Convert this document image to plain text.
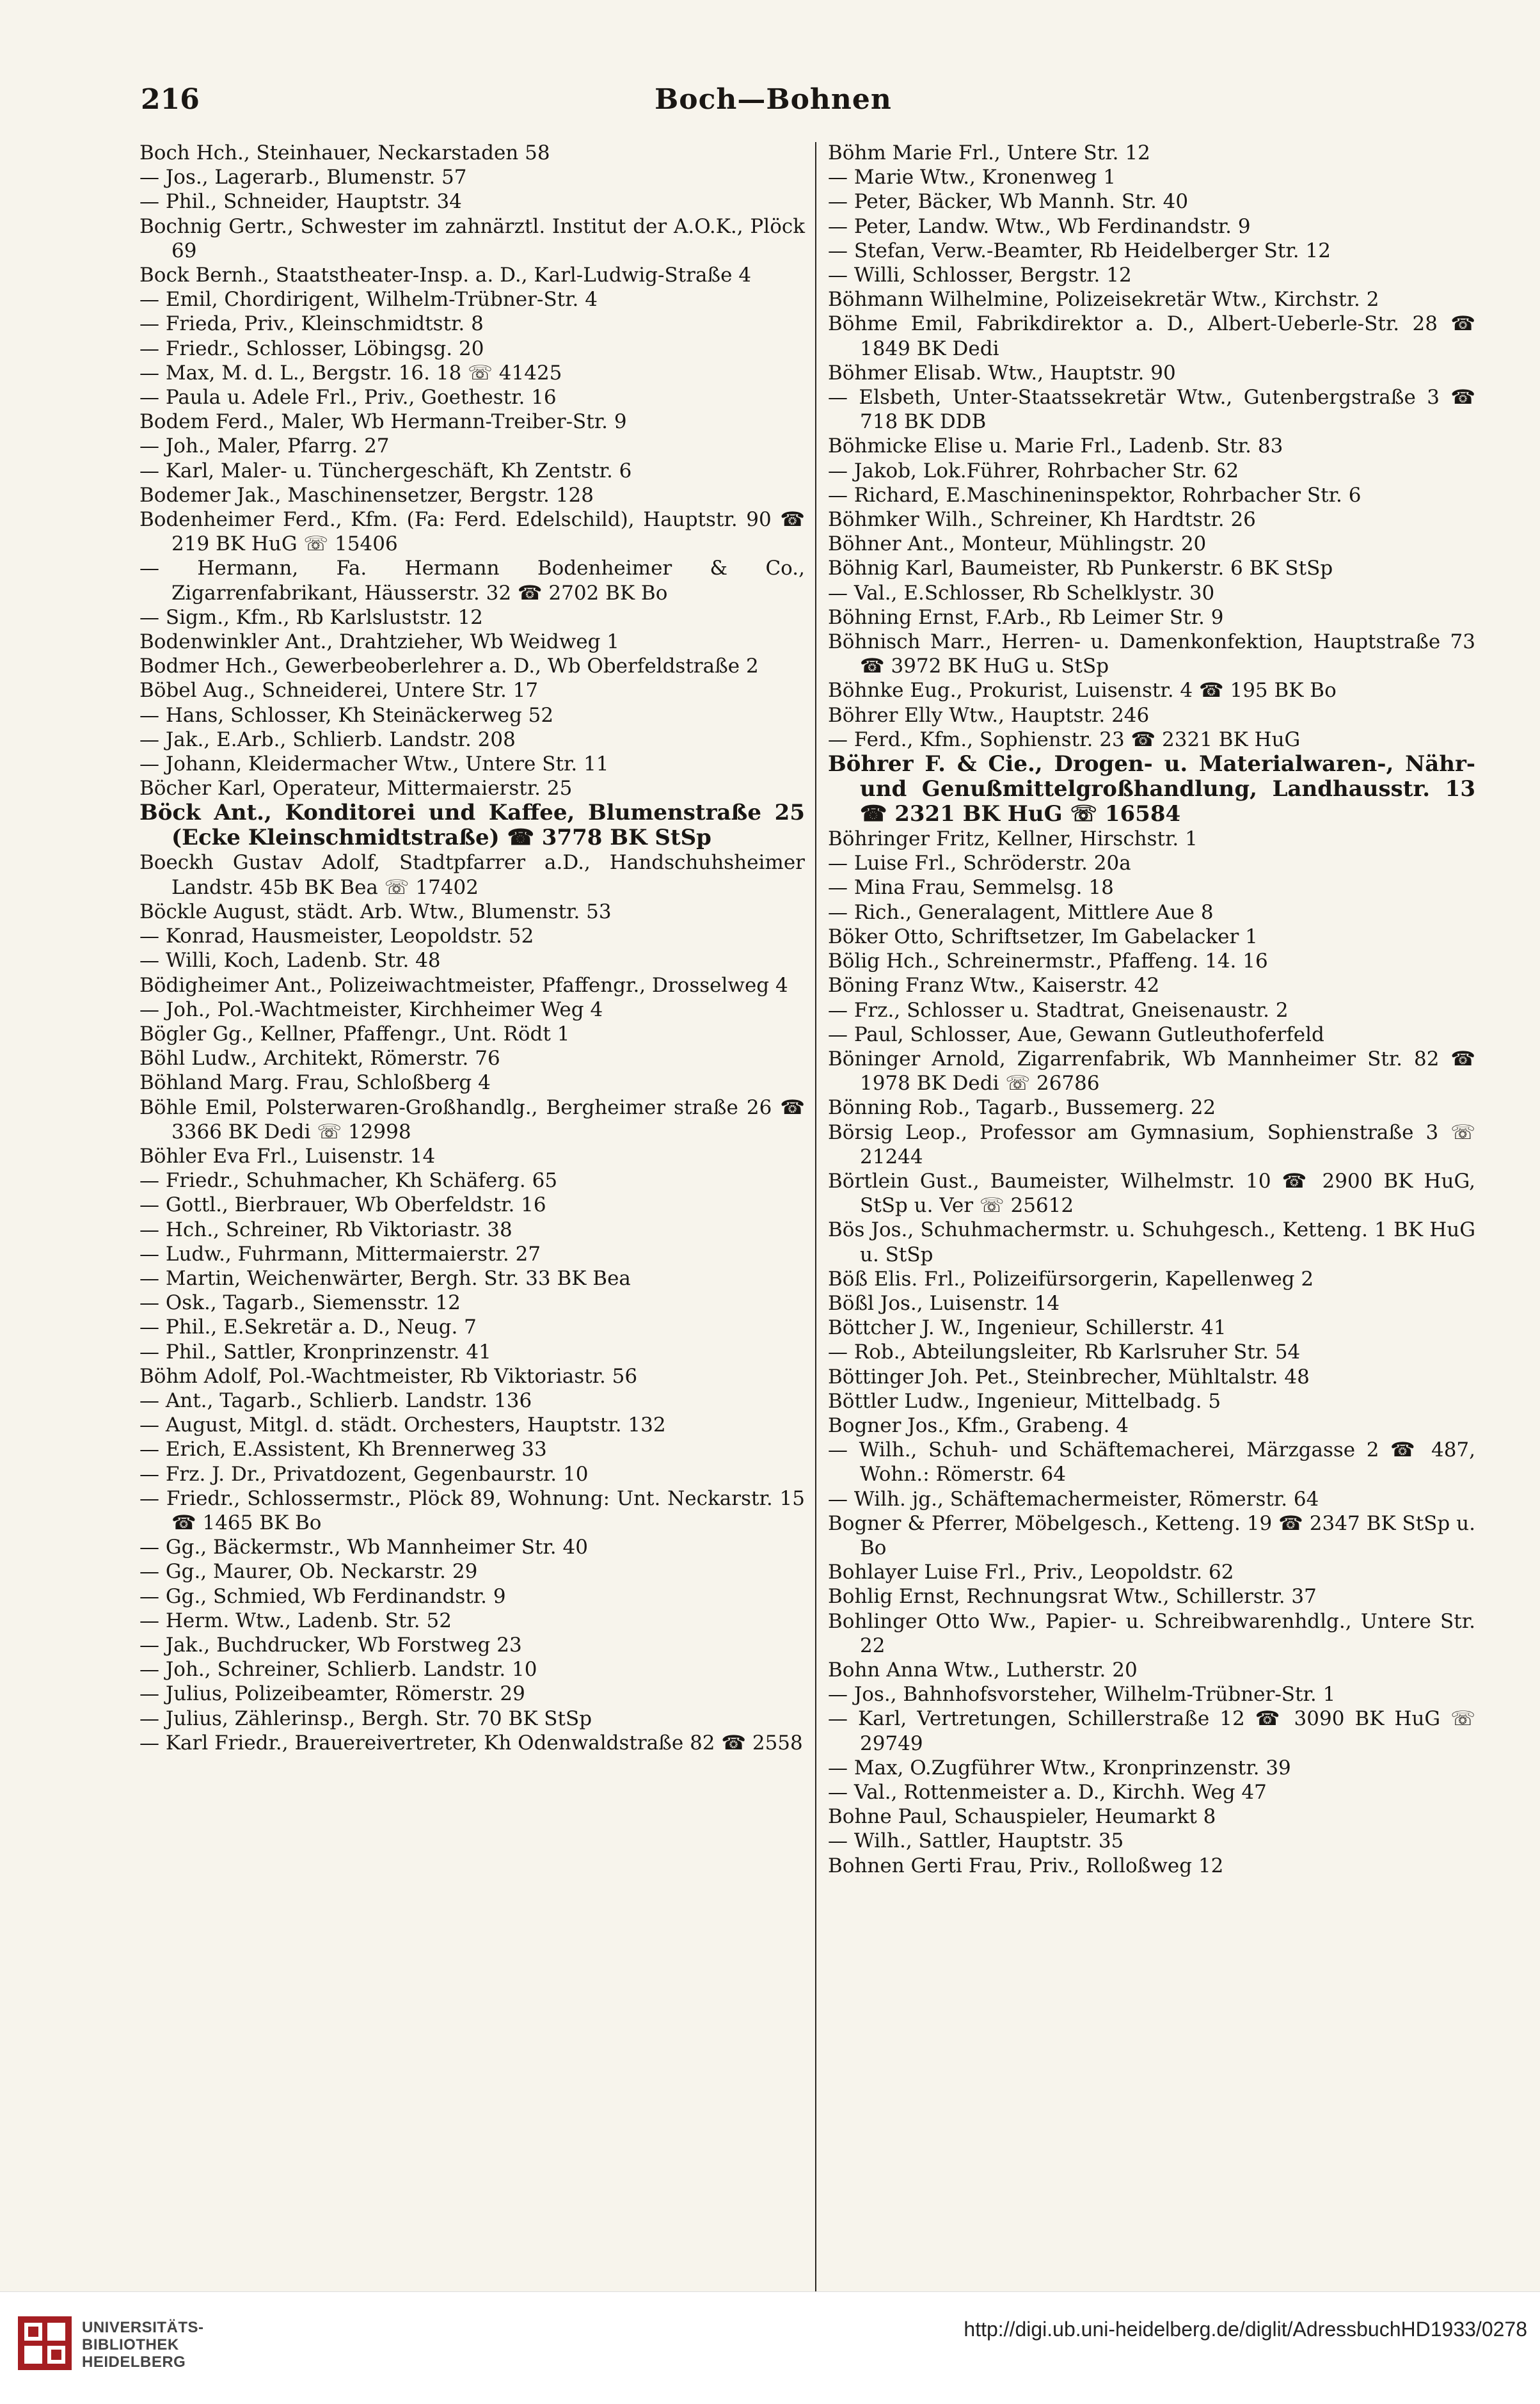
216	Boch—Bohnen
Boch Hch., Steinhauer, Neckarstaden 58
— Jos., Lagerarb., Blumenstr. 57
— Phil., Schneider, Hauptstr. 34
Bochnig Gertr., Schwester im zahnärztl. Institut der A.O.K., Plöck 69
Bock Bernh., Staatstheater-Insp. a. D., Karl-Ludwig-Straße 4
— Emil, Chordirigent, Wilhelm-Trübner-Str. 4
— Frieda, Priv., Kleinschmidtstr. 8
— Friedr., Schlosser, Löbingsg. 20
— Max, M. d. L., Bergstr. 16. 18 ☏ 41425
— Paula u. Adele Frl., Priv., Goethestr. 16
Bodem Ferd., Maler, Wb Hermann-Treiber-Str. 9
— Joh., Maler, Pfarrg. 27
— Karl, Maler- u. Tünchergeschäft, Kh Zentstr. 6
Bodemer Jak., Maschinensetzer, Bergstr. 128
Bodenheimer Ferd., Kfm. (Fa: Ferd. Edelschild), Hauptstr. 90 ☎ 219 BK HuG ☏ 15406
— Hermann, Fa. Hermann Bodenheimer & Co., Zigarrenfabrikant, Häusserstr. 32 ☎ 2702 BK Bo
— Sigm., Kfm., Rb Karlsluststr. 12
Bodenwinkler Ant., Drahtzieher, Wb Weidweg 1
Bodmer Hch., Gewerbeoberlehrer a. D., Wb Oberfeldstraße 2
Böbel Aug., Schneiderei, Untere Str. 17
— Hans, Schlosser, Kh Steinäckerweg 52
— Jak., E.Arb., Schlierb. Landstr. 208
— Johann, Kleidermacher Wtw., Untere Str. 11
Böcher Karl, Operateur, Mittermaierstr. 25
Böck Ant., Konditorei und Kaffee, Blumenstraße 25 (Ecke Kleinschmidtstraße) ☎ 3778 BK StSp
Boeckh Gustav Adolf, Stadtpfarrer a.D., Handschuhsheimer Landstr. 45b BK Bea ☏ 17402
Böckle August, städt. Arb. Wtw., Blumenstr. 53
— Konrad, Hausmeister, Leopoldstr. 52
— Willi, Koch, Ladenb. Str. 48
Bödigheimer Ant., Polizeiwachtmeister, Pfaffengr., Drosselweg 4
— Joh., Pol.-Wachtmeister, Kirchheimer Weg 4
Bögler Gg., Kellner, Pfaffengr., Unt. Rödt 1
Böhl Ludw., Architekt, Römerstr. 76
Böhland Marg. Frau, Schloßberg 4
Böhle Emil, Polsterwaren-Großhandlg., Bergheimer straße 26 ☎ 3366 BK Dedi ☏ 12998
Böhler Eva Frl., Luisenstr. 14
— Friedr., Schuhmacher, Kh Schäferg. 65
— Gottl., Bierbrauer, Wb Oberfeldstr. 16
— Hch., Schreiner, Rb Viktoriastr. 38
— Ludw., Fuhrmann, Mittermaierstr. 27
— Martin, Weichenwärter, Bergh. Str. 33 BK Bea
— Osk., Tagarb., Siemensstr. 12
— Phil., E.Sekretär a. D., Neug. 7
— Phil., Sattler, Kronprinzenstr. 41
Böhm Adolf, Pol.-Wachtmeister, Rb Viktoriastr. 56
— Ant., Tagarb., Schlierb. Landstr. 136
— August, Mitgl. d. städt. Orchesters, Hauptstr. 132
— Erich, E.Assistent, Kh Brennerweg 33
— Frz. J. Dr., Privatdozent, Gegenbaurstr. 10
— Friedr., Schlossermstr., Plöck 89, Wohnung: Unt. Neckarstr. 15 ☎ 1465 BK Bo
— Gg., Bäckermstr., Wb Mannheimer Str. 40
— Gg., Maurer, Ob. Neckarstr. 29
— Gg., Schmied, Wb Ferdinandstr. 9
— Herm. Wtw., Ladenb. Str. 52
— Jak., Buchdrucker, Wb Forstweg 23
— Joh., Schreiner, Schlierb. Landstr. 10
— Julius, Polizeibeamter, Römerstr. 29
— Julius, Zählerinsp., Bergh. Str. 70 BK StSp
— Karl Friedr., Brauereivertreter, Kh Odenwaldstraße 82 ☎ 2558
Böhm Marie Frl., Untere Str. 12
— Marie Wtw., Kronenweg 1
— Peter, Bäcker, Wb Mannh. Str. 40
— Peter, Landw. Wtw., Wb Ferdinandstr. 9
— Stefan, Verw.-Beamter, Rb Heidelberger Str. 12
— Willi, Schlosser, Bergstr. 12
Böhmann Wilhelmine, Polizeisekretär Wtw., Kirchstr. 2
Böhme Emil, Fabrikdirektor a. D., Albert-Ueberle-Str. 28 ☎ 1849 BK Dedi
Böhmer Elisab. Wtw., Hauptstr. 90
— Elsbeth, Unter-Staatssekretär Wtw., Gutenbergstraße 3 ☎ 718 BK DDB
Böhmicke Elise u. Marie Frl., Ladenb. Str. 83
— Jakob, Lok.Führer, Rohrbacher Str. 62
— Richard, E.Maschineninspektor, Rohrbacher Str. 6
Böhmker Wilh., Schreiner, Kh Hardtstr. 26
Böhner Ant., Monteur, Mühlingstr. 20
Böhnig Karl, Baumeister, Rb Punkerstr. 6 BK StSp
— Val., E.Schlosser, Rb Schelklystr. 30
Böhning Ernst, F.Arb., Rb Leimer Str. 9
Böhnisch Marr., Herren- u. Damenkonfektion, Hauptstraße 73 ☎ 3972 BK HuG u. StSp
Böhnke Eug., Prokurist, Luisenstr. 4 ☎ 195 BK Bo
Böhrer Elly Wtw., Hauptstr. 246
— Ferd., Kfm., Sophienstr. 23 ☎ 2321 BK HuG
Böhrer F. & Cie., Drogen- u. Materialwaren-, Nähr- und Genußmittelgroßhandlung, Landhausstr. 13 ☎ 2321 BK HuG ☏ 16584
Böhringer Fritz, Kellner, Hirschstr. 1
— Luise Frl., Schröderstr. 20a
— Mina Frau, Semmelsg. 18
— Rich., Generalagent, Mittlere Aue 8
Böker Otto, Schriftsetzer, Im Gabelacker 1
Bölig Hch., Schreinermstr., Pfaffeng. 14. 16
Böning Franz Wtw., Kaiserstr. 42
— Frz., Schlosser u. Stadtrat, Gneisenaustr. 2
— Paul, Schlosser, Aue, Gewann Gutleuthoferfeld
Böninger Arnold, Zigarrenfabrik, Wb Mannheimer Str. 82 ☎ 1978 BK Dedi ☏ 26786
Bönning Rob., Tagarb., Bussemerg. 22
Börsig Leop., Professor am Gymnasium, Sophienstraße 3 ☏ 21244
Börtlein Gust., Baumeister, Wilhelmstr. 10 ☎ 2900 BK HuG, StSp u. Ver ☏ 25612
Bös Jos., Schuhmachermstr. u. Schuhgesch., Ketteng. 1 BK HuG u. StSp
Böß Elis. Frl., Polizeifürsorgerin, Kapellenweg 2
Bößl Jos., Luisenstr. 14
Böttcher J. W., Ingenieur, Schillerstr. 41
— Rob., Abteilungsleiter, Rb Karlsruher Str. 54
Böttinger Joh. Pet., Steinbrecher, Mühltalstr. 48
Böttler Ludw., Ingenieur, Mittelbadg. 5
Bogner Jos., Kfm., Grabeng. 4
— Wilh., Schuh- und Schäftemacherei, Märzgasse 2 ☎ 487, Wohn.: Römerstr. 64
— Wilh. jg., Schäftemachermeister, Römerstr. 64
Bogner & Pferrer, Möbelgesch., Ketteng. 19 ☎ 2347 BK StSp u. Bo
Bohlayer Luise Frl., Priv., Leopoldstr. 62
Bohlig Ernst, Rechnungsrat Wtw., Schillerstr. 37
Bohlinger Otto Ww., Papier- u. Schreibwarenhdlg., Untere Str. 22
Bohn Anna Wtw., Lutherstr. 20
— Jos., Bahnhofsvorsteher, Wilhelm-Trübner-Str. 1
— Karl, Vertretungen, Schillerstraße 12 ☎ 3090 BK HuG ☏ 29749
— Max, O.Zugführer Wtw., Kronprinzenstr. 39
— Val., Rottenmeister a. D., Kirchh. Weg 47
Bohne Paul, Schauspieler, Heumarkt 8
— Wilh., Sattler, Hauptstr. 35
Bohnen Gerti Frau, Priv., Rolloßweg 12
UNIVERSITÄTS-
BIBLIOTHEK
HEIDELBERG
http://digi.ub.uni-heidelberg.de/diglit/AdressbuchHD1933/0278
